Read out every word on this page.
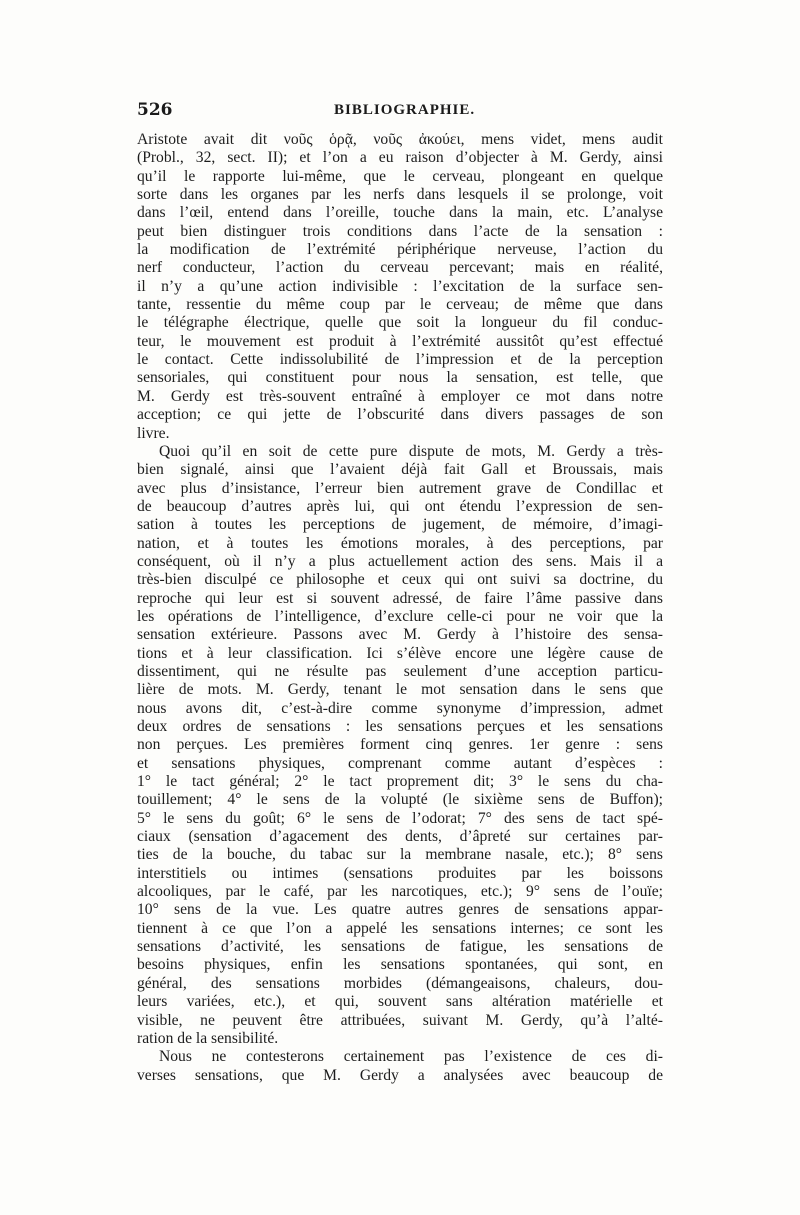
526	BIBLIOGRAPHIE.
Aristote avait dit νοῦς ὁρᾷ, νοῦς ἀκούει, mens videt, mens audit
(Probl., 32, sect. II); et l’on a eu raison d’objecter à M. Gerdy, ainsi
qu’il le rapporte lui-même, que le cerveau, plongeant en quelque
sorte dans les organes par les nerfs dans lesquels il se prolonge, voit
dans l’œil, entend dans l’oreille, touche dans la main, etc. L’analyse
peut bien distinguer trois conditions dans l’acte de la sensation :
la modification de l’extrémité périphérique nerveuse, l’action du
nerf conducteur, l’action du cerveau percevant; mais en réalité,
il n’y a qu’une action indivisible : l’excitation de la surface sen-
tante, ressentie du même coup par le cerveau; de même que dans
le télégraphe électrique, quelle que soit la longueur du fil conduc-
teur, le mouvement est produit à l’extrémité aussitôt qu’est effectué
le contact. Cette indissolubilité de l’impression et de la perception
sensoriales, qui constituent pour nous la sensation, est telle, que
M. Gerdy est très-souvent entraîné à employer ce mot dans notre
acception; ce qui jette de l’obscurité dans divers passages de son
livre.
Quoi qu’il en soit de cette pure dispute de mots, M. Gerdy a très-
bien signalé, ainsi que l’avaient déjà fait Gall et Broussais, mais
avec plus d’insistance, l’erreur bien autrement grave de Condillac et
de beaucoup d’autres après lui, qui ont étendu l’expression de sen-
sation à toutes les perceptions de jugement, de mémoire, d’imagi-
nation, et à toutes les émotions morales, à des perceptions, par
conséquent, où il n’y a plus actuellement action des sens. Mais il a
très-bien disculpé ce philosophe et ceux qui ont suivi sa doctrine, du
reproche qui leur est si souvent adressé, de faire l’âme passive dans
les opérations de l’intelligence, d’exclure celle-ci pour ne voir que la
sensation extérieure. Passons avec M. Gerdy à l’histoire des sensa-
tions et à leur classification. Ici s’élève encore une légère cause de
dissentiment, qui ne résulte pas seulement d’une acception particu-
lière de mots. M. Gerdy, tenant le mot sensation dans le sens que
nous avons dit, c’est-à-dire comme synonyme d’impression, admet
deux ordres de sensations : les sensations perçues et les sensations
non perçues. Les premières forment cinq genres. 1er genre : sens
et sensations physiques, comprenant comme autant d’espèces :
1° le tact général; 2° le tact proprement dit; 3° le sens du cha-
touillement; 4° le sens de la volupté (le sixième sens de Buffon);
5° le sens du goût; 6° le sens de l’odorat; 7° des sens de tact spé-
ciaux (sensation d’agacement des dents, d’âpreté sur certaines par-
ties de la bouche, du tabac sur la membrane nasale, etc.); 8° sens
interstitiels ou intimes (sensations produites par les boissons
alcooliques, par le café, par les narcotiques, etc.); 9° sens de l’ouïe;
10° sens de la vue. Les quatre autres genres de sensations appar-
tiennent à ce que l’on a appelé les sensations internes; ce sont les
sensations d’activité, les sensations de fatigue, les sensations de
besoins physiques, enfin les sensations spontanées, qui sont, en
général, des sensations morbides (démangeaisons, chaleurs, dou-
leurs variées, etc.), et qui, souvent sans altération matérielle et
visible, ne peuvent être attribuées, suivant M. Gerdy, qu’à l’alté-
ration de la sensibilité.
Nous ne contesterons certainement pas l’existence de ces di-
verses sensations, que M. Gerdy a analysées avec beaucoup de
